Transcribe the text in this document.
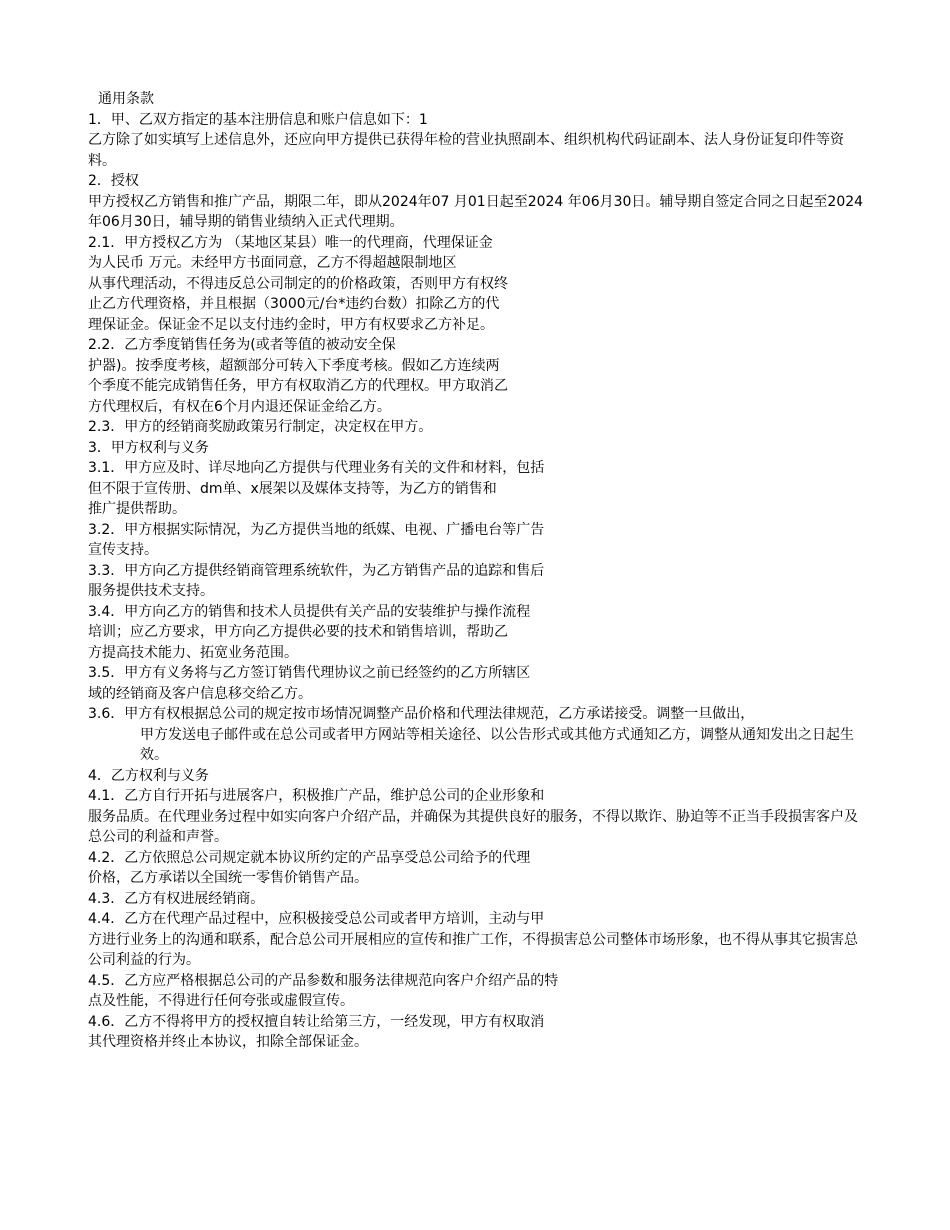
通用条款

1．甲、乙双方指定的基本注册信息和账户信息如下：1

乙方除了如实填写上述信息外，还应向甲方提供已获得年检的营业执照副本、组织机构代码证副本、法人身份证复印件等资料。

2．授权

甲方授权乙方销售和推广产品，期限二年，即从2024年07 月01日起至2024 年06月30日。辅导期自签定合同之日起至2024年06月30日，辅导期的销售业绩纳入正式代理期。

2.1．甲方授权乙方为 （某地区某县）唯一的代理商，代理保证金

为人民币 万元。未经甲方书面同意，乙方不得超越限制地区

从事代理活动，不得违反总公司制定的的价格政策，否则甲方有权终

止乙方代理资格，并且根据（3000元/台*违约台数）扣除乙方的代

理保证金。保证金不足以支付违约金时，甲方有权要求乙方补足。

2.2．乙方季度销售任务为(或者等值的被动安全保

护器)。按季度考核，超额部分可转入下季度考核。假如乙方连续两

个季度不能完成销售任务，甲方有权取消乙方的代理权。甲方取消乙

方代理权后，有权在6个月内退还保证金给乙方。

2.3．甲方的经销商奖励政策另行制定，决定权在甲方。

3．甲方权利与义务

3.1．甲方应及时、详尽地向乙方提供与代理业务有关的文件和材料，包括

但不限于宣传册、dm单、x展架以及媒体支持等，为乙方的销售和

推广提供帮助。

3.2．甲方根据实际情况，为乙方提供当地的纸媒、电视、广播电台等广告

宣传支持。

3.3．甲方向乙方提供经销商管理系统软件，为乙方销售产品的追踪和售后

服务提供技术支持。

3.4．甲方向乙方的销售和技术人员提供有关产品的安装维护与操作流程

培训；应乙方要求，甲方向乙方提供必要的技术和销售培训，帮助乙

方提高技术能力、拓宽业务范围。

3.5．甲方有义务将与乙方签订销售代理协议之前已经签约的乙方所辖区

域的经销商及客户信息移交给乙方。

3.6．甲方有权根据总公司的规定按市场情况调整产品价格和代理法律规范，乙方承诺接受。调整一旦做出，

甲方发送电子邮件或在总公司或者甲方网站等相关途径、以公告形式或其他方式通知乙方，调整从通知发出之日起生效。

4．乙方权利与义务

4.1．乙方自行开拓与进展客户，积极推广产品，维护总公司的企业形象和

服务品质。在代理业务过程中如实向客户介绍产品，并确保为其提供良好的服务，不得以欺诈、胁迫等不正当手段损害客户及总公司的利益和声誉。

4.2．乙方依照总公司规定就本协议所约定的产品享受总公司给予的代理

价格，乙方承诺以全国统一零售价销售产品。

4.3．乙方有权进展经销商。

4.4．乙方在代理产品过程中，应积极接受总公司或者甲方培训，主动与甲

方进行业务上的沟通和联系，配合总公司开展相应的宣传和推广工作，不得损害总公司整体市场形象，也不得从事其它损害总公司利益的行为。

4.5．乙方应严格根据总公司的产品参数和服务法律规范向客户介绍产品的特

点及性能，不得进行任何夸张或虚假宣传。

4.6．乙方不得将甲方的授权擅自转让给第三方，一经发现，甲方有权取消

其代理资格并终止本协议，扣除全部保证金。
